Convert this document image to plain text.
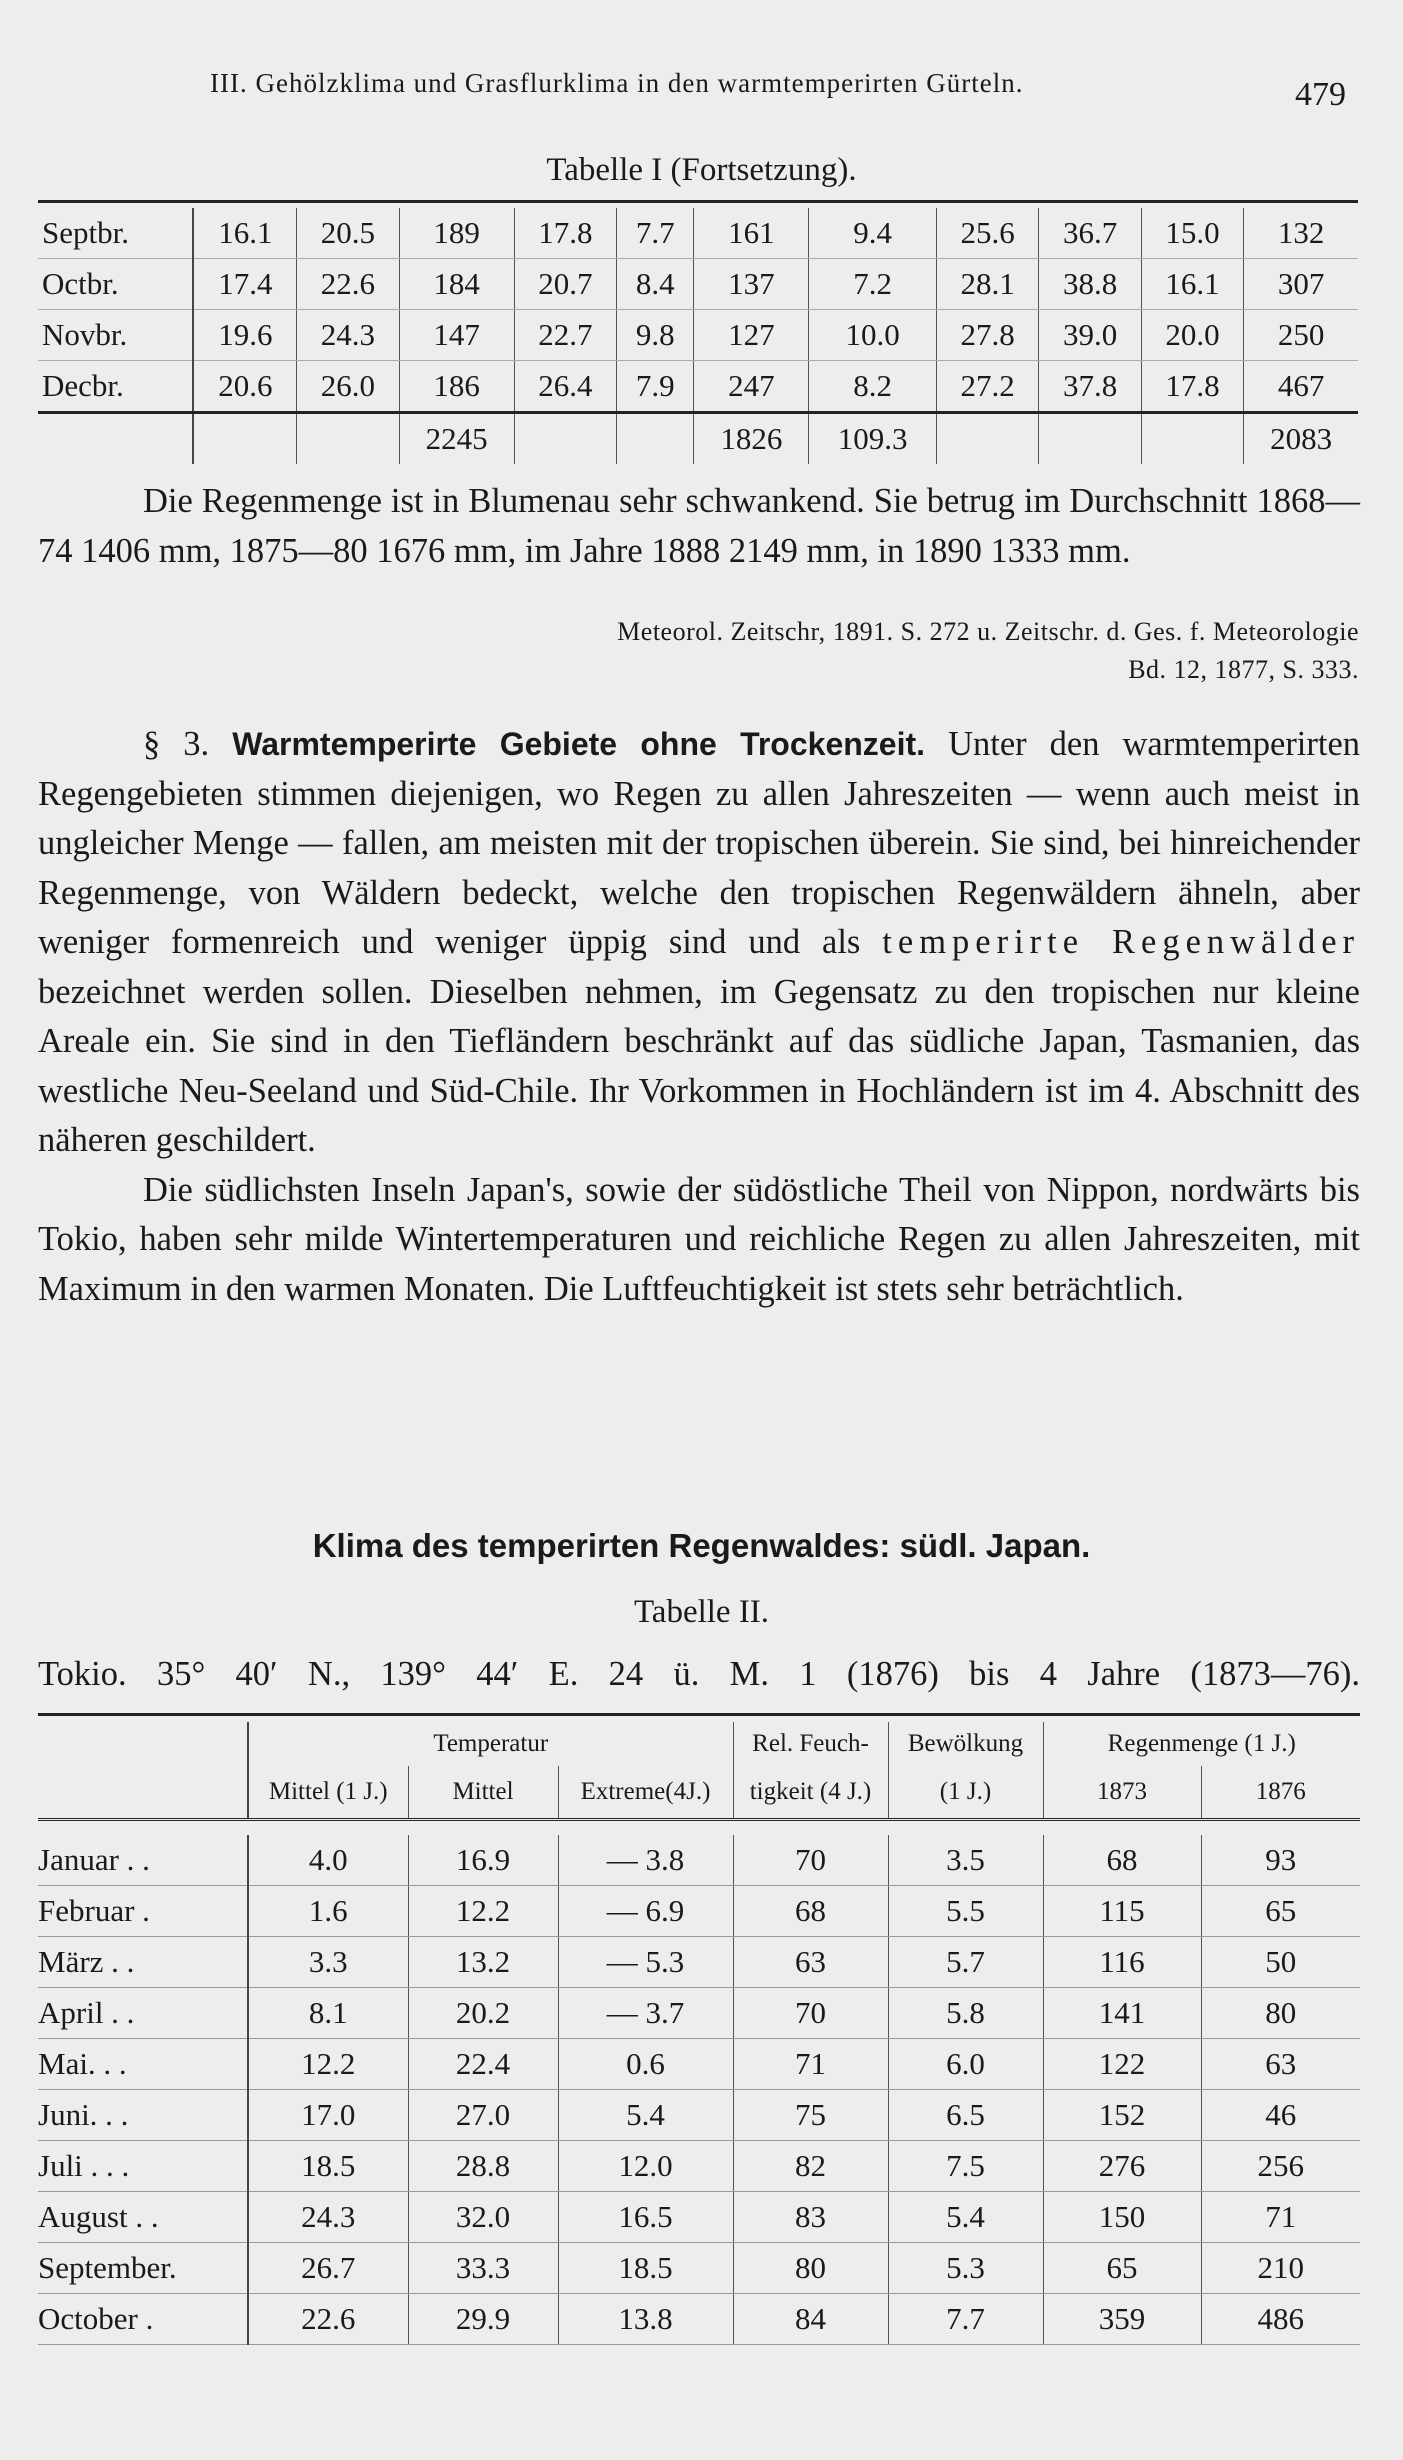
III. Gehölzklima und Grasflurklima in den warmtemperirten Gürteln.	479
Tabelle I (Fortsetzung).
Septbr.	16.1	20.5	189	17.8	7.7	161	9.4	25.6	36.7	15.0	132
Octbr.	17.4	22.6	184	20.7	8.4	137	7.2	28.1	38.8	16.1	307
Novbr.	19.6	24.3	147	22.7	9.8	127	10.0	27.8	39.0	20.0	250
Decbr.	20.6	26.0	186	26.4	7.9	247	8.2	27.2	37.8	17.8	467
			2245			1826	109.3				2083

Die Regenmenge ist in Blumenau sehr schwankend. Sie betrug im Durchschnitt 1868—74 1406 mm, 1875—80 1676 mm, im Jahre 1888 2149 mm, in 1890 1333 mm.

Meteorol. Zeitschr, 1891. S. 272 u. Zeitschr. d. Ges. f. Meteorologie
Bd. 12, 1877, S. 333.

§ 3. Warmtemperirte Gebiete ohne Trockenzeit. Unter den warmtemperirten Regengebieten stimmen diejenigen, wo Regen zu allen Jahreszeiten — wenn auch meist in ungleicher Menge — fallen, am meisten mit der tropischen überein. Sie sind, bei hinreichender Regenmenge, von Wäldern bedeckt, welche den tropischen Regenwäldern ähneln, aber weniger formenreich und weniger üppig sind und als temperirte Regenwälder bezeichnet werden sollen. Dieselben nehmen, im Gegensatz zu den tropischen nur kleine Areale ein. Sie sind in den Tiefländern beschränkt auf das südliche Japan, Tasmanien, das westliche Neu-Seeland und Süd-Chile. Ihr Vorkommen in Hochländern ist im 4. Abschnitt des näheren geschildert.

Die südlichsten Inseln Japan's, sowie der südöstliche Theil von Nippon, nordwärts bis Tokio, haben sehr milde Wintertemperaturen und reichliche Regen zu allen Jahreszeiten, mit Maximum in den warmen Monaten. Die Luftfeuchtigkeit ist stets sehr beträchtlich.

Klima des temperirten Regenwaldes: südl. Japan.
Tabelle II.
Tokio. 35° 40′ N., 139° 44′ E. 24 ü. M. 1 (1876) bis 4 Jahre (1873—76).
	Temperatur			Rel. Feuch-	Bewölkung	Regenmenge (1 J.)	
	Mittel (1 J.)	Mittel	Extreme(4J.)	tigkeit (4 J.)	(1 J.)	1873	1876

Januar . .	4.0	16.9	— 3.8	70	3.5	68	93
Februar .	1.6	12.2	— 6.9	68	5.5	115	65
März . .	3.3	13.2	— 5.3	63	5.7	116	50
April . .	8.1	20.2	— 3.7	70	5.8	141	80
Mai. . .	12.2	22.4	0.6	71	6.0	122	63
Juni. . .	17.0	27.0	5.4	75	6.5	152	46
Juli . . .	18.5	28.8	12.0	82	7.5	276	256
August . .	24.3	32.0	16.5	83	5.4	150	71
September.	26.7	33.3	18.5	80	5.3	65	210
October .	22.6	29.9	13.8	84	7.7	359	486
